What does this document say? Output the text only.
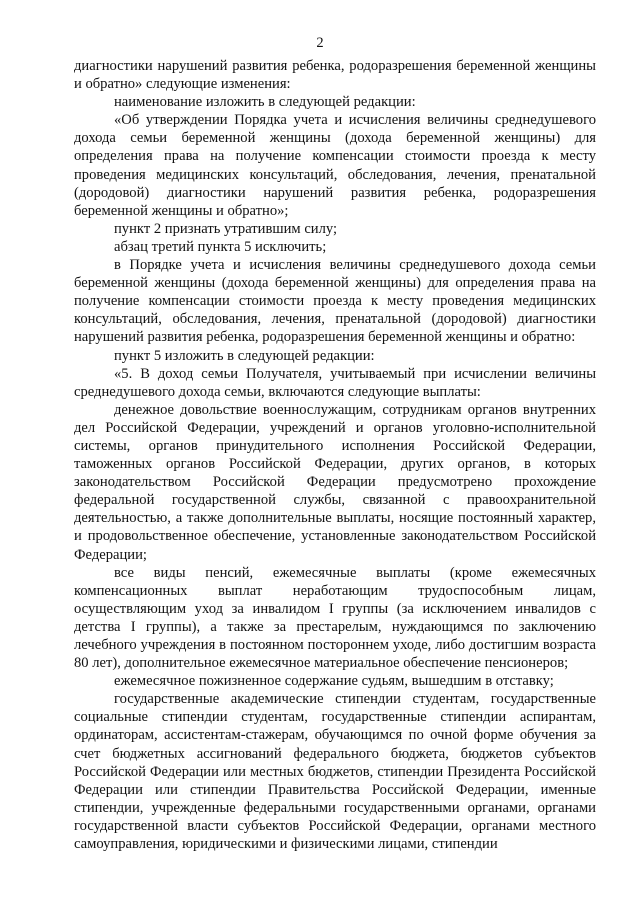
2

диагностики нарушений развития ребенка, родоразрешения беременной женщины и обратно» следующие изменения:

наименование изложить в следующей редакции:

«Об утверждении Порядка учета и исчисления величины среднедушевого дохода семьи беременной женщины (дохода беременной женщины) для определения права на получение компенсации стоимости проезда к месту проведения медицинских консультаций, обследования, лечения, пренатальной (дородовой) диагностики нарушений развития ребенка, родоразрешения беременной женщины и обратно»;

пункт 2 признать утратившим силу;

абзац третий пункта 5 исключить;

в Порядке учета и исчисления величины среднедушевого дохода семьи беременной женщины (дохода беременной женщины) для определения права на получение компенсации стоимости проезда к месту проведения медицинских консультаций, обследования, лечения, пренатальной (дородовой) диагностики нарушений развития ребенка, родоразрешения беременной женщины и обратно:

пункт 5 изложить в следующей редакции:

«5. В доход семьи Получателя, учитываемый при исчислении величины среднедушевого дохода семьи, включаются следующие выплаты:

денежное довольствие военнослужащим, сотрудникам органов внутренних дел Российской Федерации, учреждений и органов уголовно-исполнительной системы, органов принудительного исполнения Российской Федерации, таможенных органов Российской Федерации, других органов, в которых законодательством Российской Федерации предусмотрено прохождение федеральной государственной службы, связанной с правоохранительной деятельностью, а также дополнительные выплаты, носящие постоянный характер, и продовольственное обеспечение, установленные законодательством Российской Федерации;

все виды пенсий, ежемесячные выплаты (кроме ежемесячных компенсационных выплат неработающим трудоспособным лицам, осуществляющим уход за инвалидом I группы (за исключением инвалидов с детства I группы), а также за престарелым, нуждающимся по заключению лечебного учреждения в постоянном постороннем уходе, либо достигшим возраста 80 лет), дополнительное ежемесячное материальное обеспечение пенсионеров;

ежемесячное пожизненное содержание судьям, вышедшим в отставку;

государственные академические стипендии студентам, государственные социальные стипендии студентам, государственные стипендии аспирантам, ординаторам, ассистентам-стажерам, обучающимся по очной форме обучения за счет бюджетных ассигнований федерального бюджета, бюджетов субъектов Российской Федерации или местных бюджетов, стипендии Президента Российской Федерации или стипендии Правительства Российской Федерации, именные стипендии, учрежденные федеральными государственными органами, органами государственной власти субъектов Российской Федерации, органами местного самоуправления, юридическими и физическими лицами, стипендии
